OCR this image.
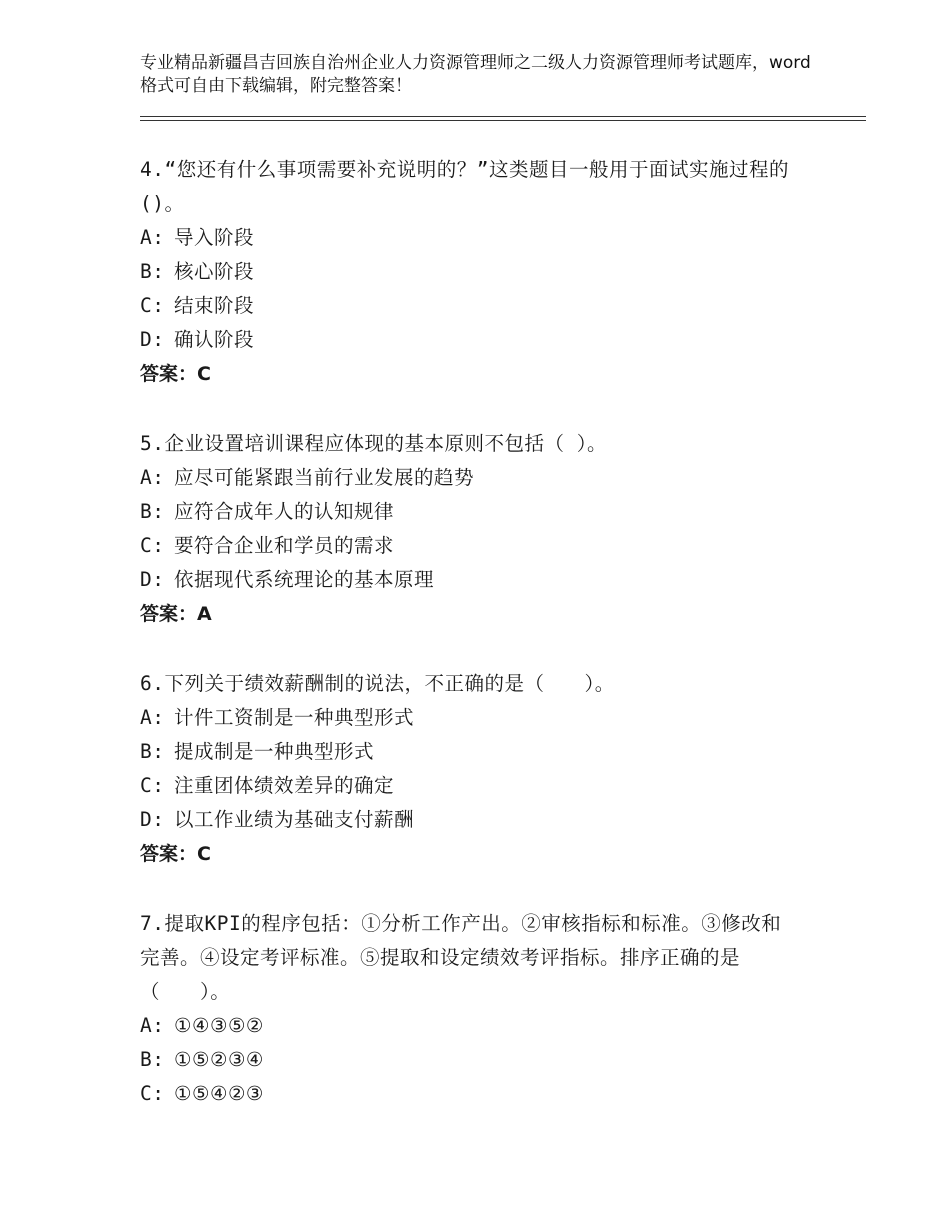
专业精品新疆昌吉回族自治州企业人力资源管理师之二级人力资源管理师考试题库，word格式可自由下载编辑，附完整答案！

4.“您还有什么事项需要补充说明的？”这类题目一般用于面试实施过程的()。

A: 导入阶段

B: 核心阶段

C: 结束阶段

D: 确认阶段

答案：C

5.企业设置培训课程应体现的基本原则不包括（ ）。

A: 应尽可能紧跟当前行业发展的趋势

B: 应符合成年人的认知规律

C: 要符合企业和学员的需求

D: 依据现代系统理论的基本原理

答案：A

6.下列关于绩效薪酬制的说法，不正确的是（　　）。

A: 计件工资制是一种典型形式

B: 提成制是一种典型形式

C: 注重团体绩效差异的确定

D: 以工作业绩为基础支付薪酬

答案：C

7.提取KPI的程序包括：①分析工作产出。②审核指标和标准。③修改和完善。④设定考评标准。⑤提取和设定绩效考评指标。排序正确的是（　　）。

A: ①④③⑤②

B: ①⑤②③④

C: ①⑤④②③
